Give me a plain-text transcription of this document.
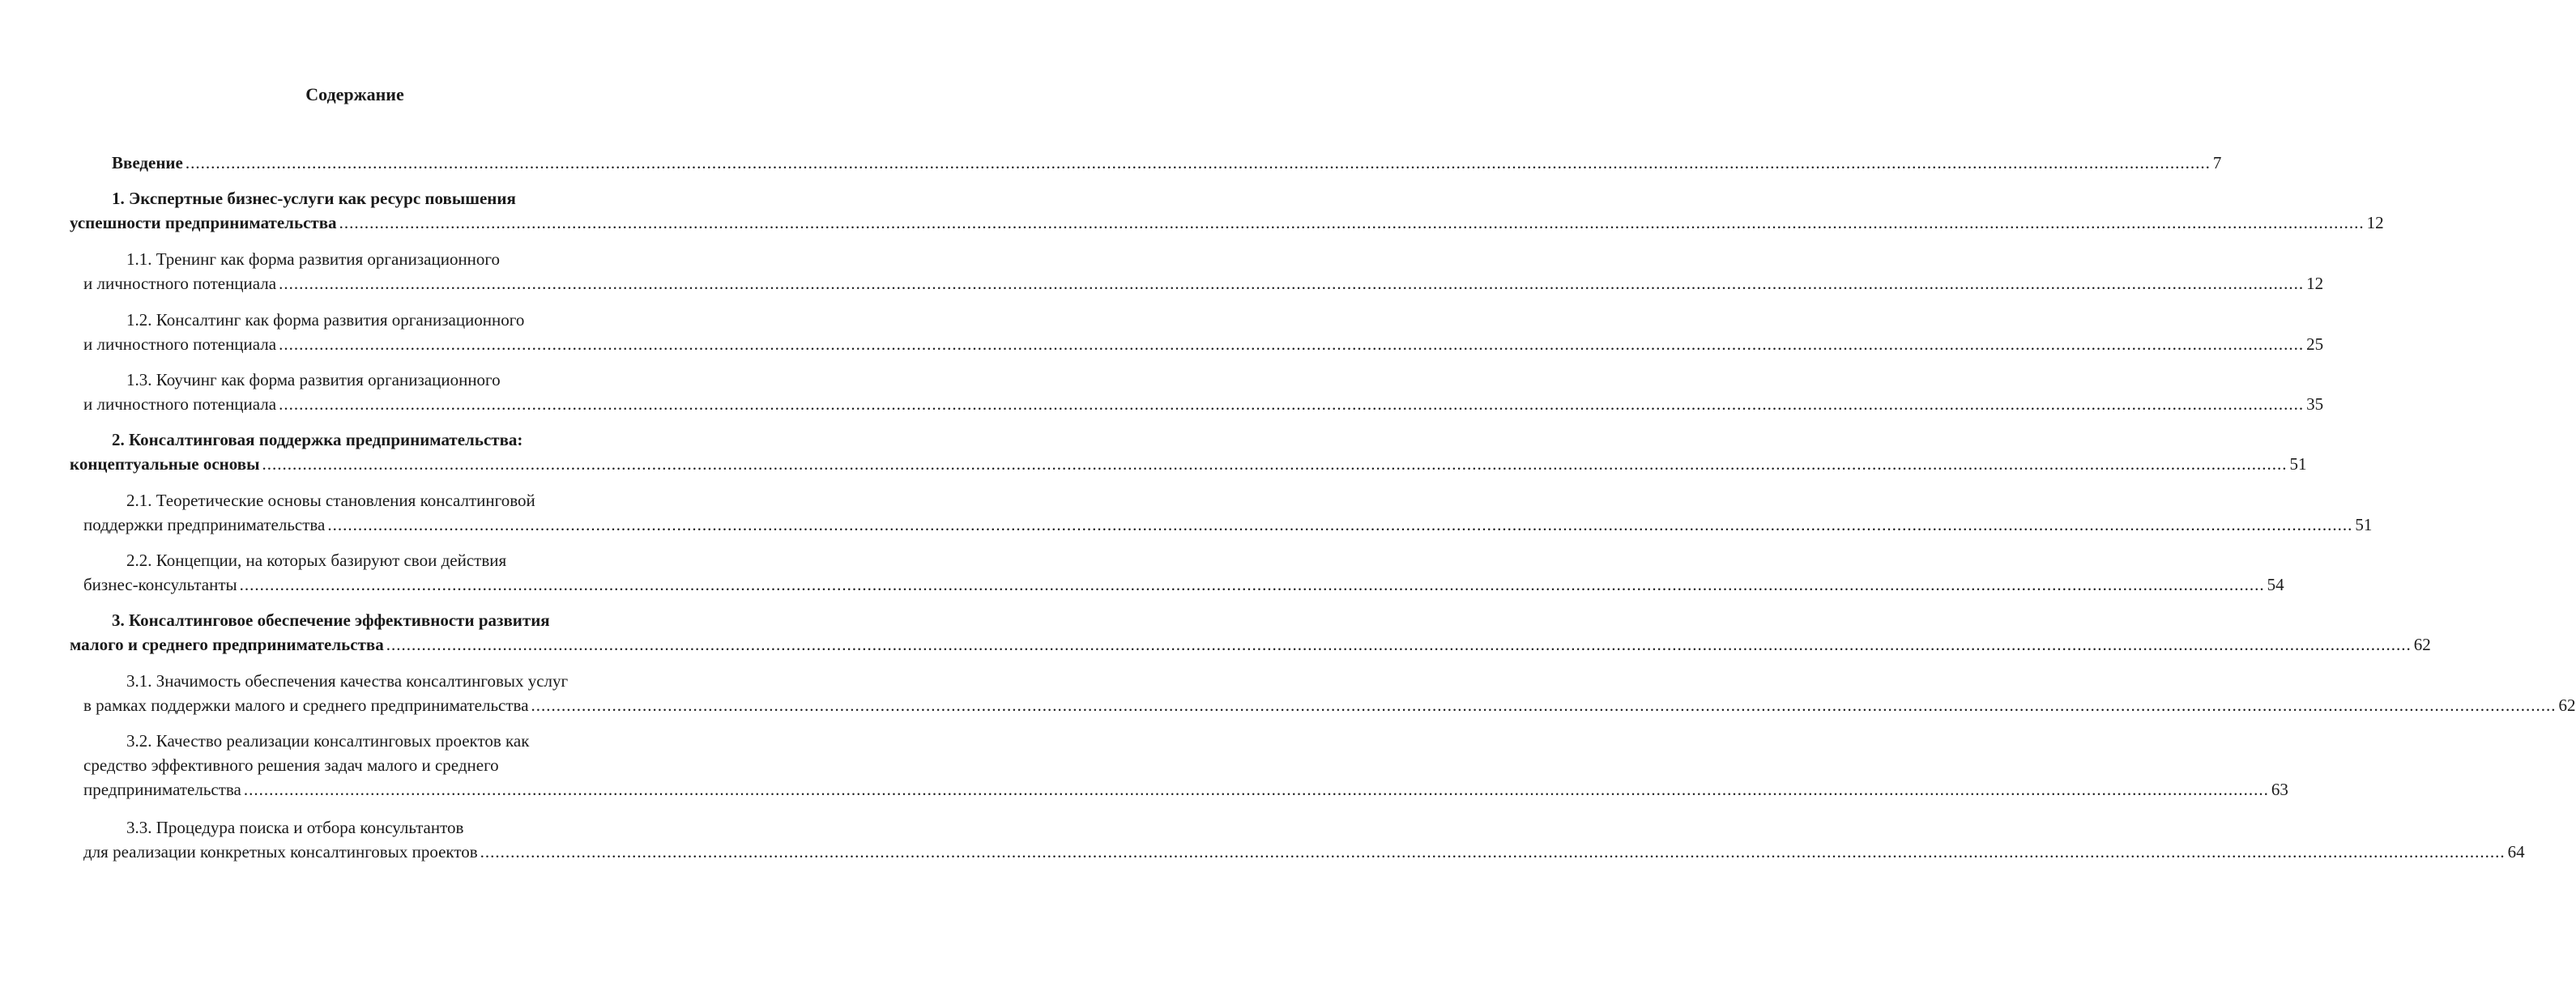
Содержание
Введение ................................................................................................................................................................................................................................................................................................................................................................................................................ 7
1. Экспертные бизнес-услуги как ресурс повышения
успешности предпринимательства ................................................................................................................................................................................................................................................................................................................................................................................................................ 12
1.1. Тренинг как форма развития организационного
и личностного потенциала ................................................................................................................................................................................................................................................................................................................................................................................................................ 12
1.2. Консалтинг как форма развития организационного
и личностного потенциала ................................................................................................................................................................................................................................................................................................................................................................................................................ 25
1.3. Коучинг как форма развития организационного
и личностного потенциала ................................................................................................................................................................................................................................................................................................................................................................................................................ 35
2. Консалтинговая поддержка предпринимательства:
концептуальные основы ................................................................................................................................................................................................................................................................................................................................................................................................................ 51
2.1. Теоретические основы становления консалтинговой
поддержки предпринимательства ................................................................................................................................................................................................................................................................................................................................................................................................................ 51
2.2. Концепции, на которых базируют свои действия
бизнес-консультанты ................................................................................................................................................................................................................................................................................................................................................................................................................ 54
3. Консалтинговое обеспечение эффективности развития
малого и среднего предпринимательства ................................................................................................................................................................................................................................................................................................................................................................................................................ 62
3.1. Значимость обеспечения качества консалтинговых услуг
в рамках поддержки малого и среднего предпринимательства ................................................................................................................................................................................................................................................................................................................................................................................................................ 62
3.2. Качество реализации консалтинговых проектов как
средство эффективного решения задач малого и среднего
предпринимательства ................................................................................................................................................................................................................................................................................................................................................................................................................ 63
3.3. Процедура поиска и отбора консультантов
для реализации конкретных консалтинговых проектов ................................................................................................................................................................................................................................................................................................................................................................................................................ 64
